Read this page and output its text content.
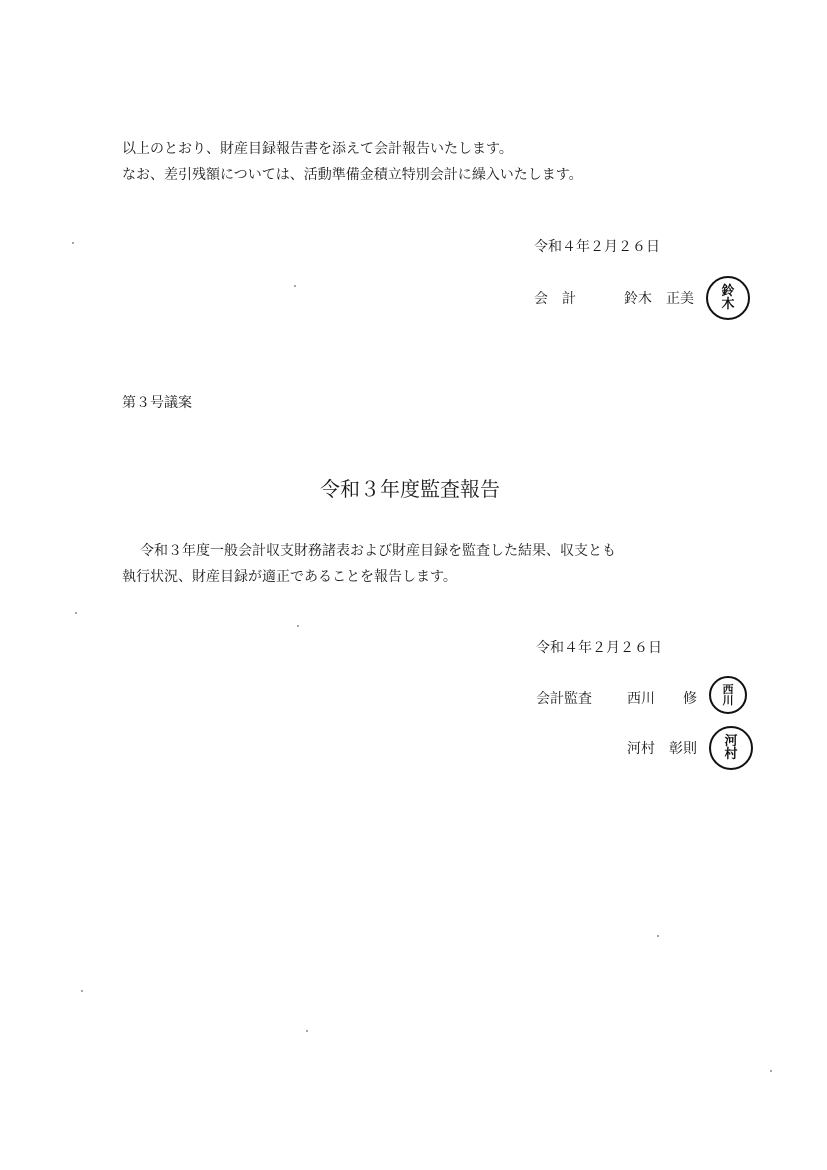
以上のとおり、財産目録報告書を添えて会計報告いたします。
なお、差引残額については、活動準備金積立特別会計に繰入いたします。
令和４年２月２６日
会　計	鈴木　正美 鈴
木
第３号議案
令和３年度監査報告
令和３年度一般会計収支財務諸表および財産目録を監査した結果、収支とも
執行状況、財産目録が適正であることを報告します。
令和４年２月２６日
会計監査	西川　　修
西
川
河村　彰則 河
村
